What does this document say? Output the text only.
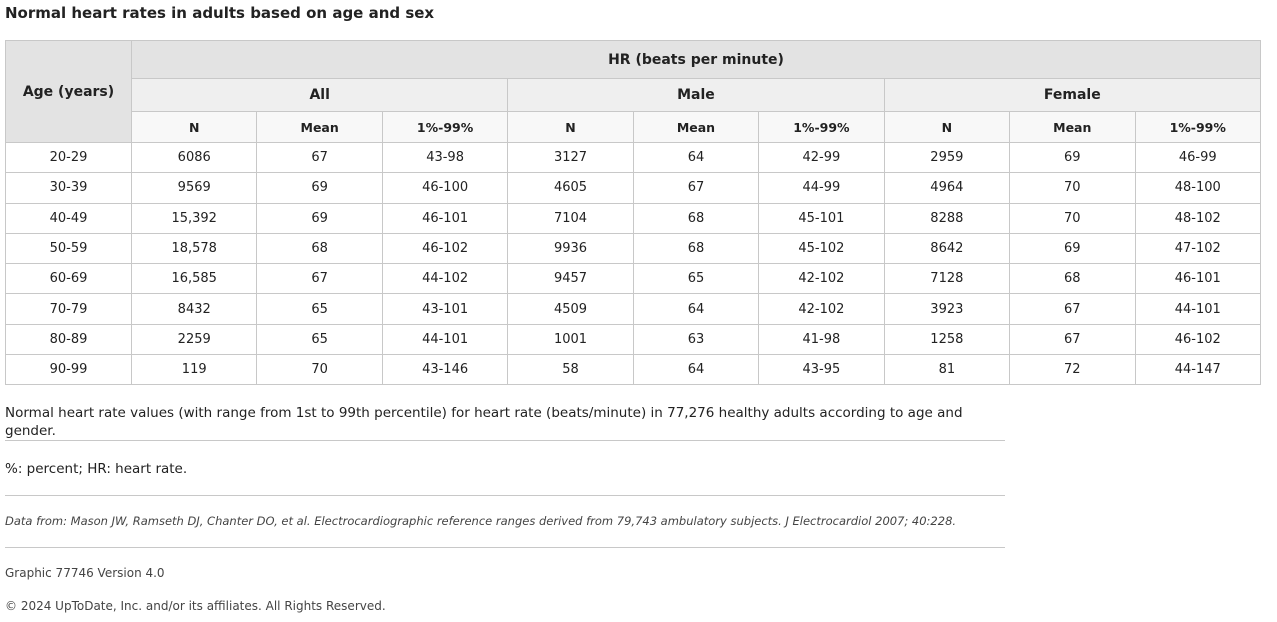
Normal heart rates in adults based on age and sex
Age (years)	HR (beats per minute)								
	All			Male			Female		
	N	Mean	1%-99%	N	Mean	1%-99%	N	Mean	1%-99%
20-29	6086	67	43-98	3127	64	42-99	2959	69	46-99
30-39	9569	69	46-100	4605	67	44-99	4964	70	48-100
40-49	15,392	69	46-101	7104	68	45-101	8288	70	48-102
50-59	18,578	68	46-102	9936	68	45-102	8642	69	47-102
60-69	16,585	67	44-102	9457	65	42-102	7128	68	46-101
70-79	8432	65	43-101	4509	64	42-102	3923	67	44-101
80-89	2259	65	44-101	1001	63	41-98	1258	67	46-102
90-99	119	70	43-146	58	64	43-95	81	72	44-147

Normal heart rate values (with range from 1st to 99th percentile) for heart rate (beats/minute) in 77,276 healthy adults according to age and gender.

%: percent; HR: heart rate.

Data from: Mason JW, Ramseth DJ, Chanter DO, et al. Electrocardiographic reference ranges derived from 79,743 ambulatory subjects. J Electrocardiol 2007; 40:228.

Graphic 77746 Version 4.0

© 2024 UpToDate, Inc. and/or its affiliates. All Rights Reserved.
